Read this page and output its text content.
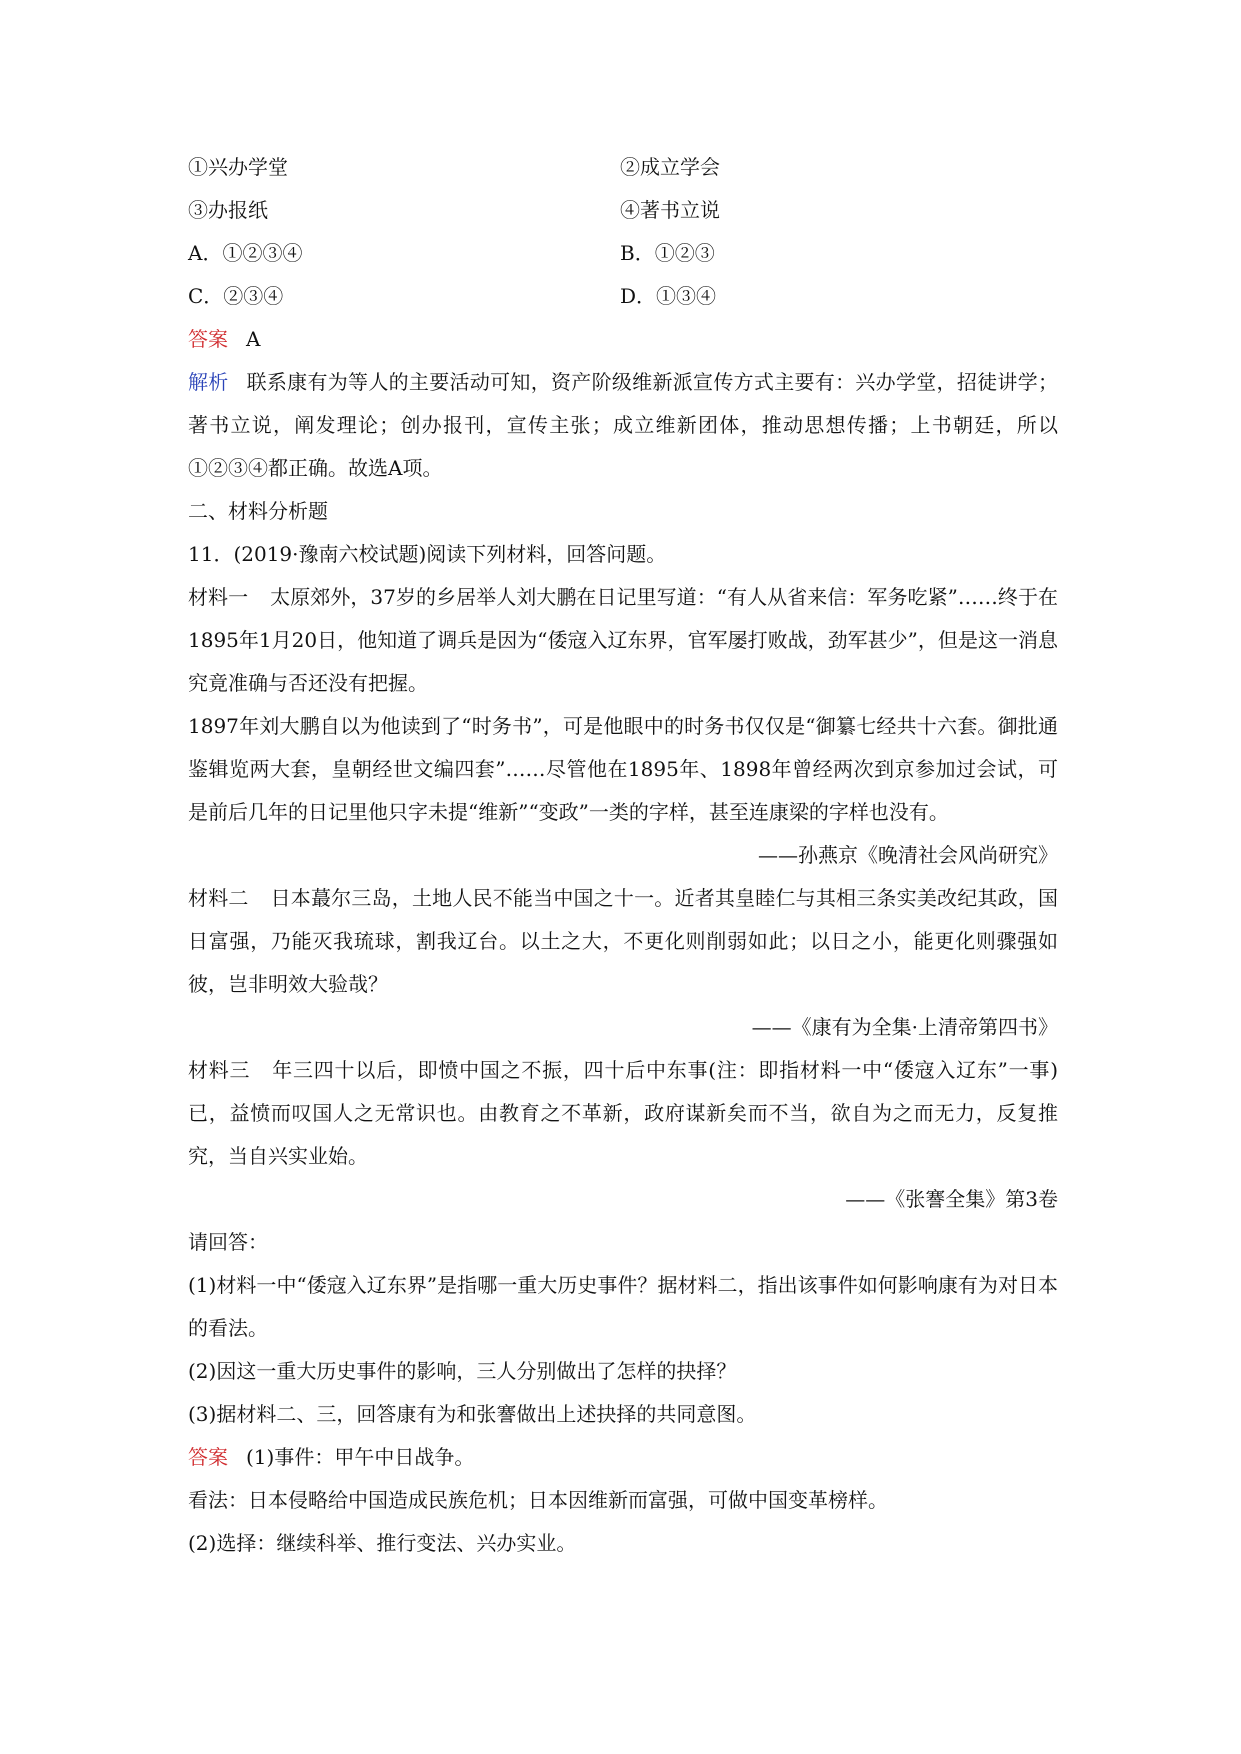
①兴办学堂	②成立学会
③办报纸	④著书立说
A．①②③④	B．①②③
C．②③④	D．①③④
答案 A
解析 联系康有为等人的主要活动可知，资产阶级维新派宣传方式主要有：兴办学堂，招徒讲学；著书立说，阐发理论；创办报刊，宣传主张；成立维新团体，推动思想传播；上书朝廷，所以①②③④都正确。故选A项。
二、材料分析题
11．(2019·豫南六校试题)阅读下列材料，回答问题。
材料一 太原郊外，37岁的乡居举人刘大鹏在日记里写道：“有人从省来信：军务吃紧”……终于在1895年1月20日，他知道了调兵是因为“倭寇入辽东界，官军屡打败战，劲军甚少”，但是这一消息究竟准确与否还没有把握。
1897年刘大鹏自以为他读到了“时务书”，可是他眼中的时务书仅仅是“御纂七经共十六套。御批通鉴辑览两大套，皇朝经世文编四套”……尽管他在1895年、1898年曾经两次到京参加过会试，可是前后几年的日记里他只字未提“维新”“变政”一类的字样，甚至连康梁的字样也没有。
——孙燕京《晚清社会风尚研究》
材料二 日本蕞尔三岛，土地人民不能当中国之十一。近者其皇睦仁与其相三条实美改纪其政，国日富强，乃能灭我琉球，割我辽台。以土之大，不更化则削弱如此；以日之小，能更化则骤强如彼，岂非明效大验哉？
——《康有为全集·上清帝第四书》
材料三 年三四十以后，即愤中国之不振，四十后中东事(注：即指材料一中“倭寇入辽东”一事)已，益愤而叹国人之无常识也。由教育之不革新，政府谋新矣而不当，欲自为之而无力，反复推究，当自兴实业始。
——《张謇全集》第3卷
请回答：
(1)材料一中“倭寇入辽东界”是指哪一重大历史事件？据材料二，指出该事件如何影响康有为对日本的看法。
(2)因这一重大历史事件的影响，三人分别做出了怎样的抉择？
(3)据材料二、三，回答康有为和张謇做出上述抉择的共同意图。
答案 (1)事件：甲午中日战争。
看法：日本侵略给中国造成民族危机；日本因维新而富强，可做中国变革榜样。
(2)选择：继续科举、推行变法、兴办实业。
